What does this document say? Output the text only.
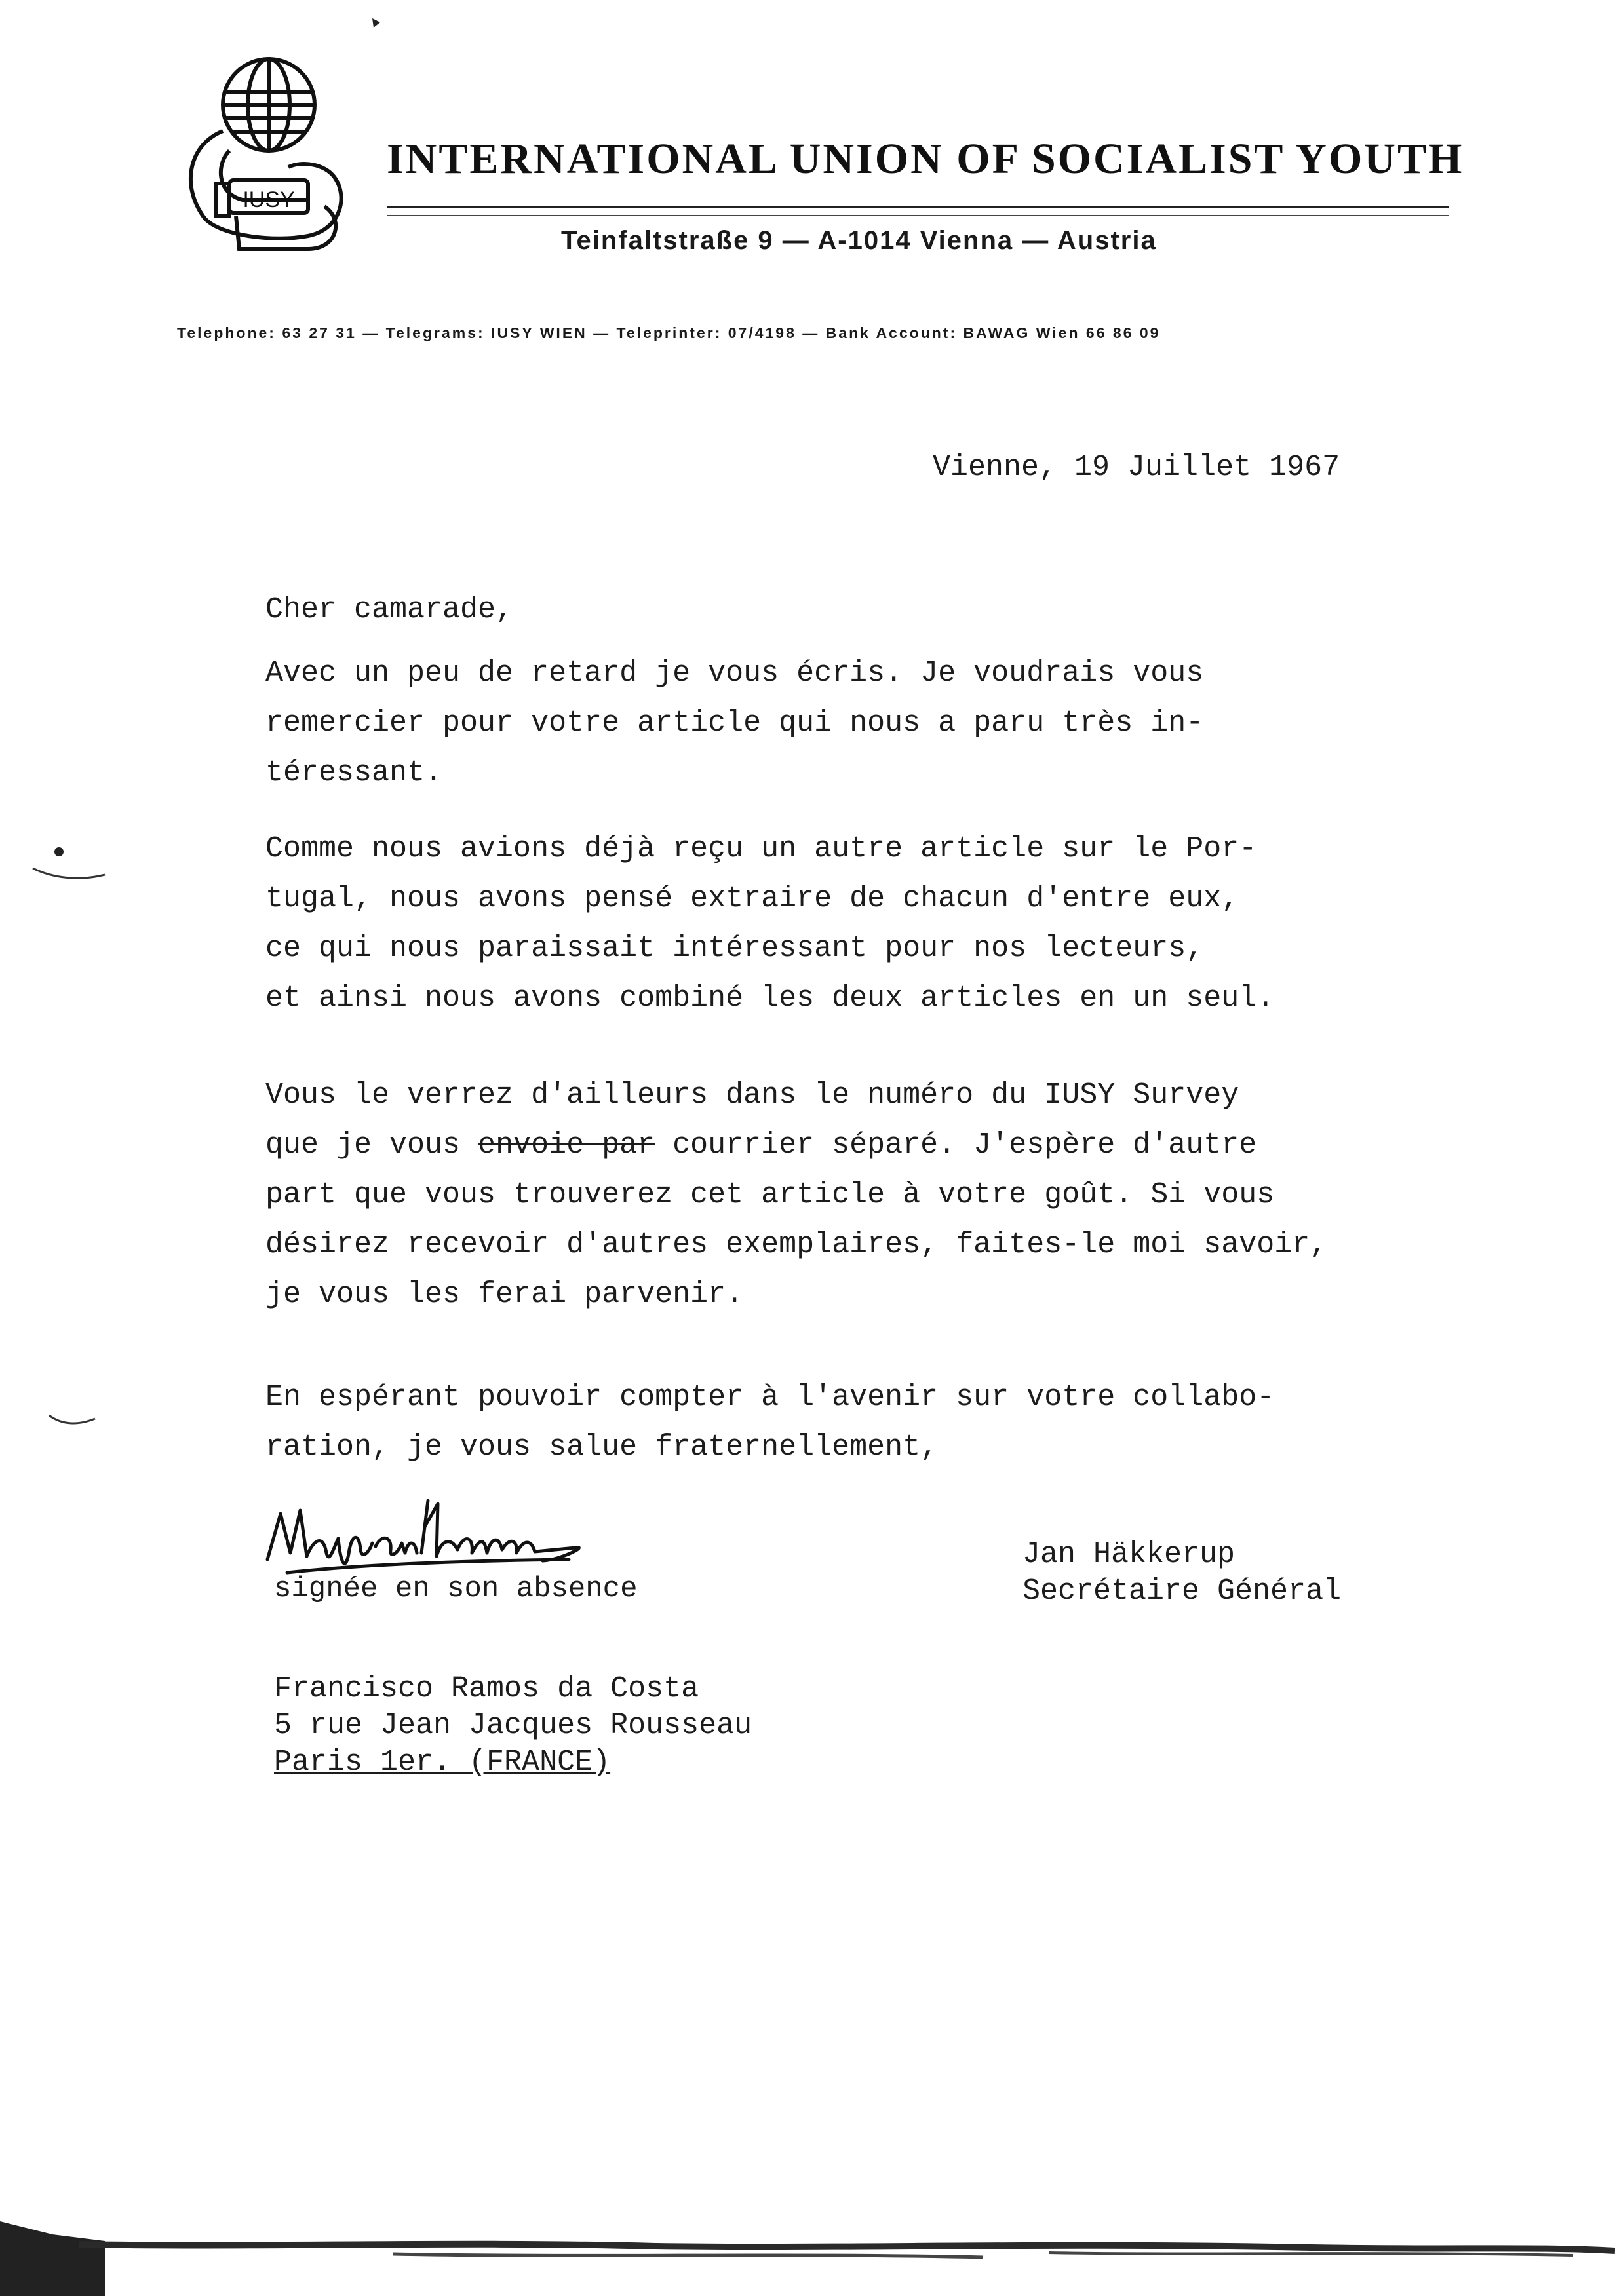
IUSY
INTERNATIONAL UNION OF SOCIALIST YOUTH
Teinfaltstraße 9 — A-1014 Vienna — Austria
Telephone: 63 27 31 — Telegrams: IUSY WIEN — Teleprinter: 07/4198 — Bank Account: BAWAG Wien 66 86 09
Vienne, 19 Juillet 1967
Cher camarade,
Avec un peu de retard je vous écris. Je voudrais vous
remercier pour votre article qui nous a paru très in-
téressant.
Comme nous avions déjà reçu un autre article sur le Por-
tugal, nous avons pensé extraire de chacun d'entre eux,
ce qui nous paraissait intéressant pour nos lecteurs,
et ainsi nous avons combiné les deux articles en un seul.
Vous le verrez d'ailleurs dans le numéro du IUSY Survey
que je vous envoie par courrier séparé. J'espère d'autre
part que vous trouverez cet article à votre goût. Si vous
désirez recevoir d'autres exemplaires, faites-le moi savoir,
je vous les ferai parvenir.
En espérant pouvoir compter à l'avenir sur votre collabo-
ration, je vous salue fraternellement,
signée en son absence
Jan Häkkerup
Secrétaire Général
Francisco Ramos da Costa
5 rue Jean Jacques Rousseau
Paris 1er. (FRANCE)
